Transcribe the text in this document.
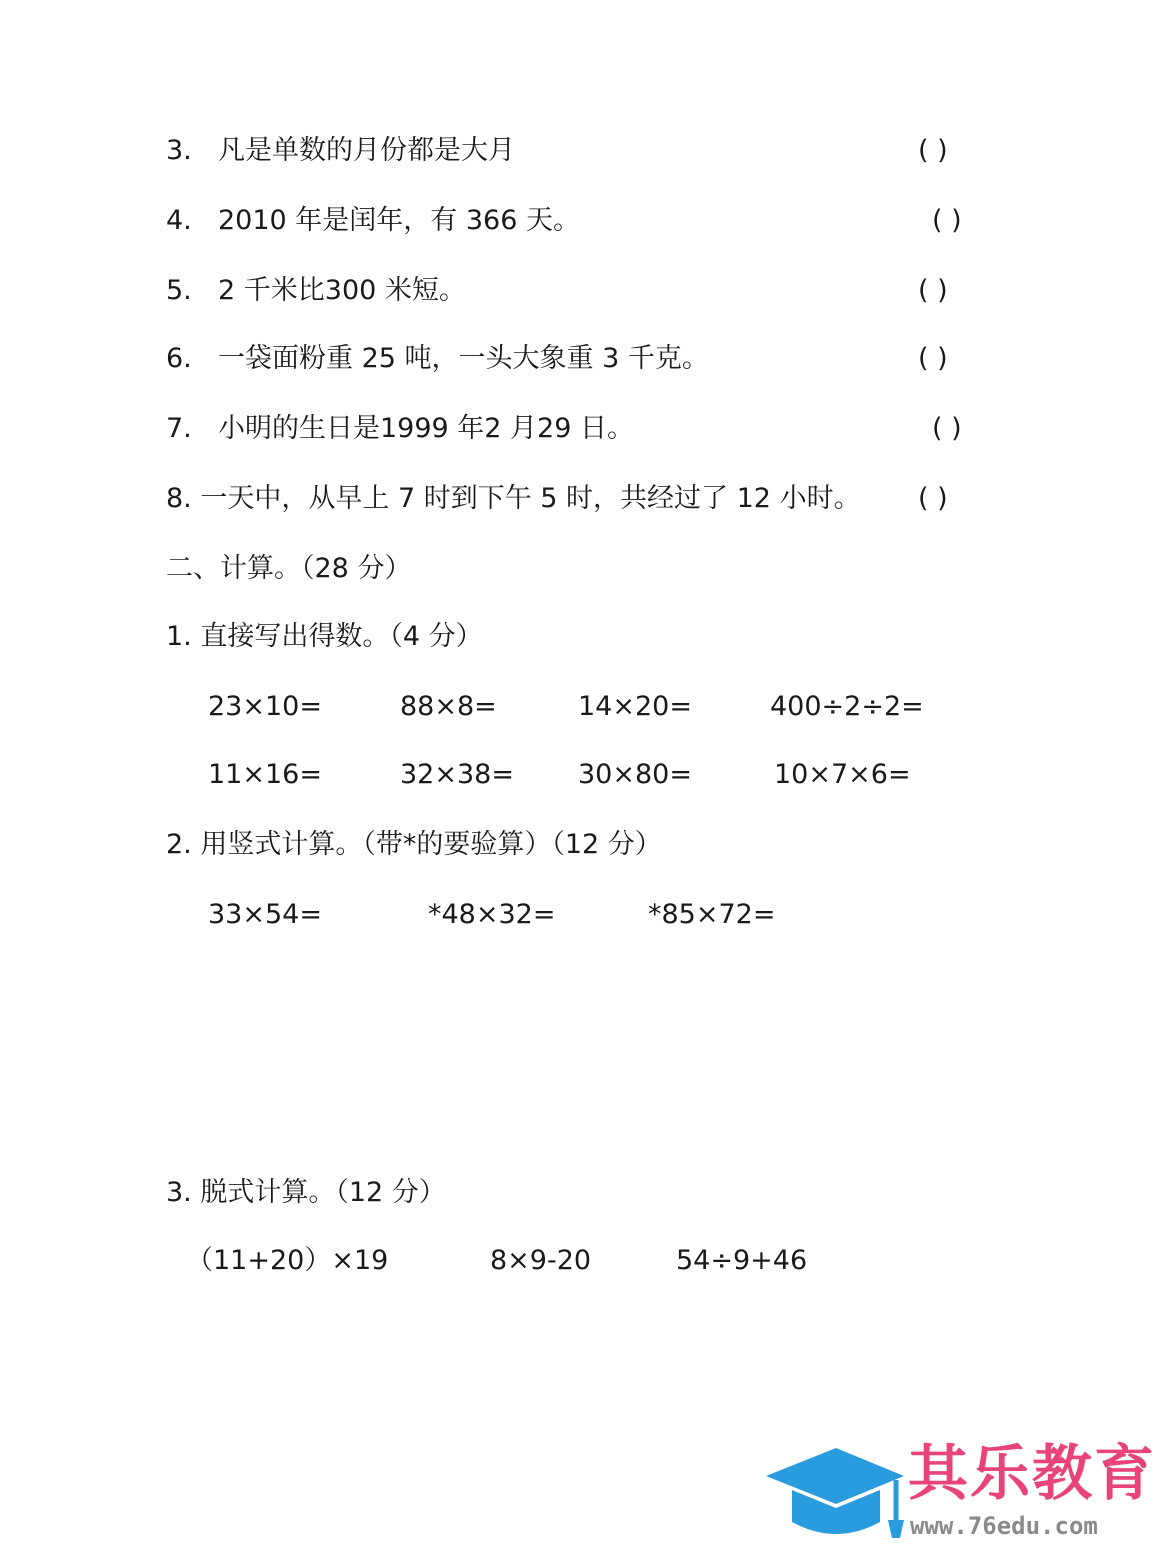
3. 凡是单数的月份都是大月	( )
4. 2010 年是闰年，有 366 天。	( )
5. 2 千米比300 米短。	( )
6. 一袋面粉重 25 吨，一头大象重 3 千克。	( )
7. 小明的生日是1999 年2 月29 日。	( )
8. 一天中，从早上 7 时到下午 5 时，共经过了 12 小时。 ( )
二、计算。（28 分）
1. 直接写出得数。（4 分）
23×10=	88×8=	14×20=	400÷2÷2=
11×16=	32×38= 30×80=	10×7×6=
2. 用竖式计算。（带*的要验算）（12 分）
33×54=	*48×32=	*85×72=
3. 脱式计算。（12 分）
（11+20）×19	8×9-20	54÷9+46
其乐教育
www.76edu.com
